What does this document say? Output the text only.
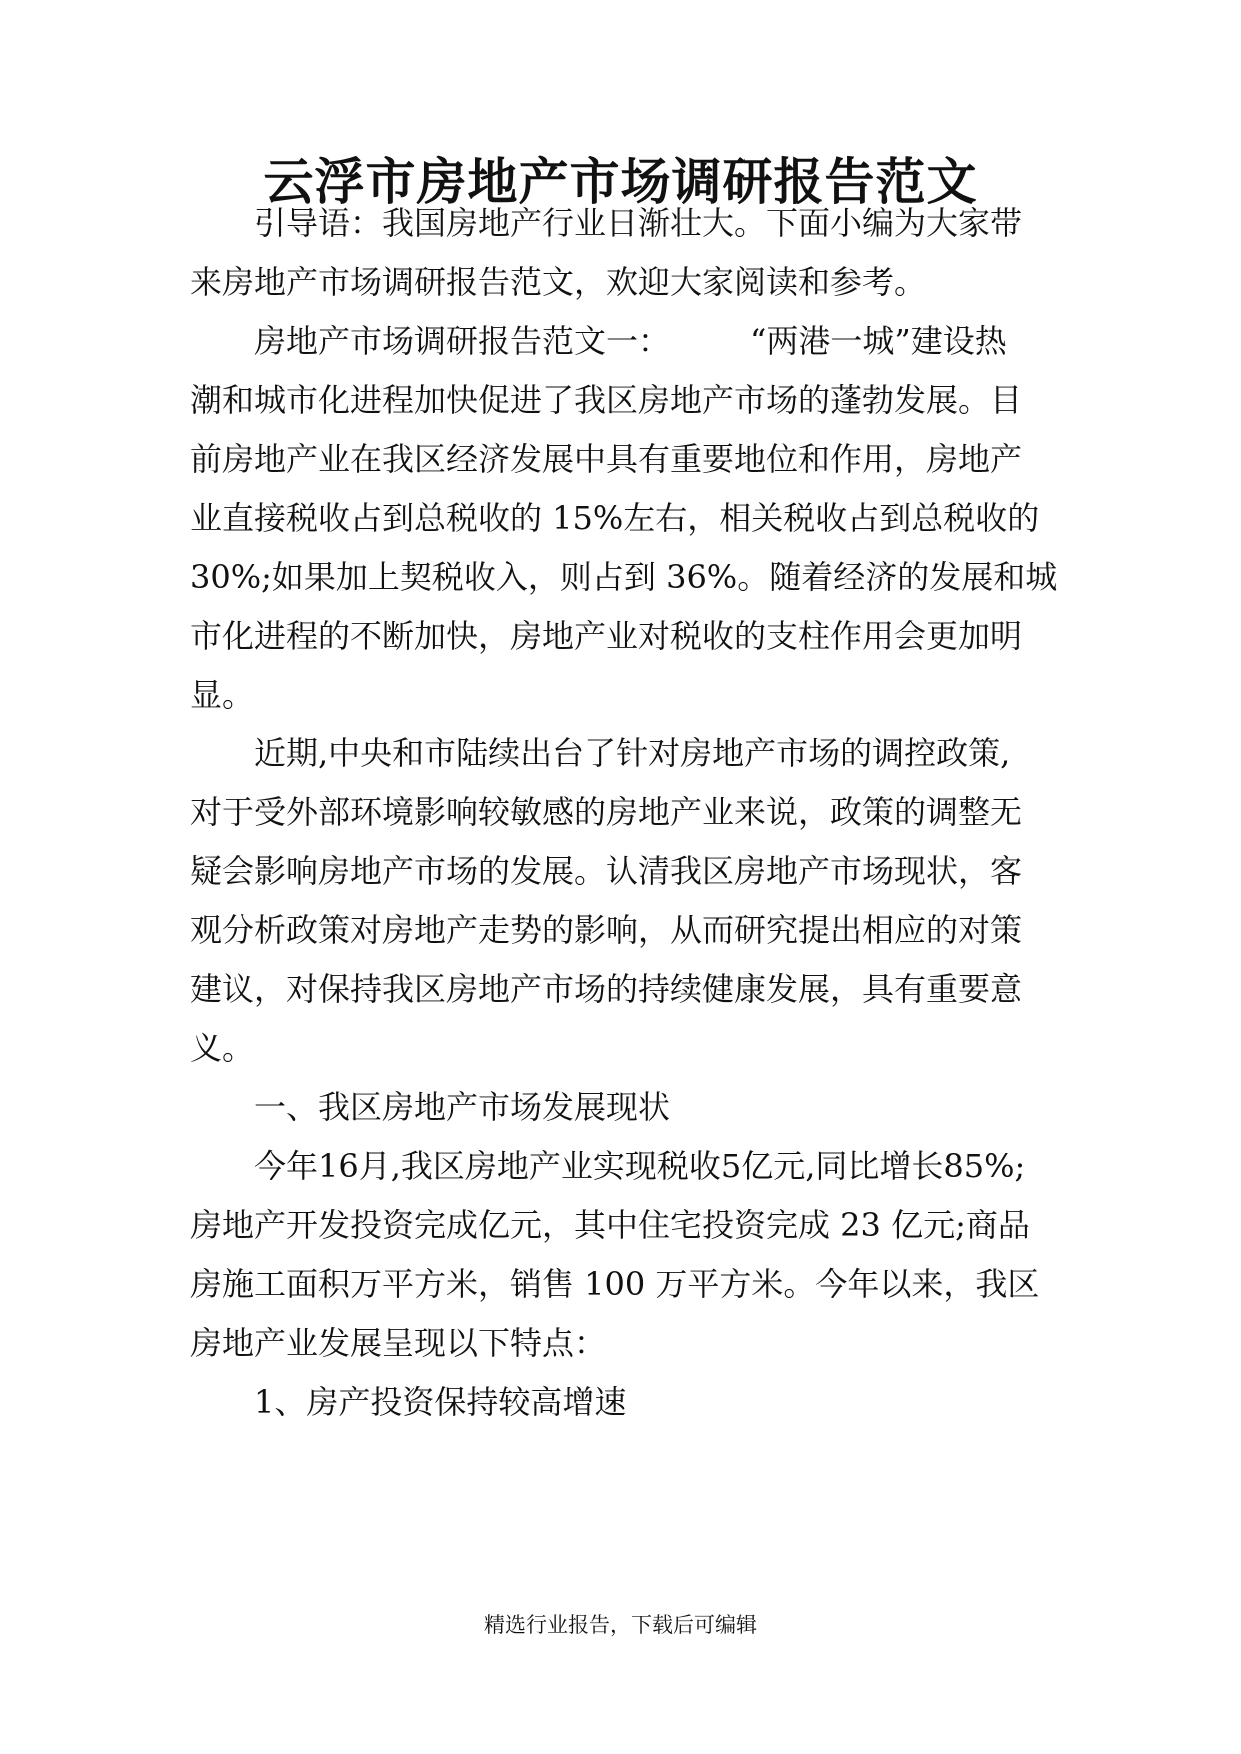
云浮市房地产市场调研报告范文

引导语：我国房地产行业日渐壮大。下面小编为大家带

来房地产市场调研报告范文，欢迎大家阅读和参考。

房地产市场调研报告范文一：　　　“两港一城”建设热

潮和城市化进程加快促进了我区房地产市场的蓬勃发展。目

前房地产业在我区经济发展中具有重要地位和作用，房地产

业直接税收占到总税收的 15%左右，相关税收占到总税收的

30%;如果加上契税收入，则占到 36%。随着经济的发展和城

市化进程的不断加快，房地产业对税收的支柱作用会更加明

显。

近期,中央和市陆续出台了针对房地产市场的调控政策,

对于受外部环境影响较敏感的房地产业来说，政策的调整无

疑会影响房地产市场的发展。认清我区房地产市场现状，客

观分析政策对房地产走势的影响，从而研究提出相应的对策

建议，对保持我区房地产市场的持续健康发展，具有重要意

义。

一、我区房地产市场发展现状

今年16月,我区房地产业实现税收5亿元,同比增长85%;

房地产开发投资完成亿元，其中住宅投资完成 23 亿元;商品

房施工面积万平方米，销售 100 万平方米。今年以来，我区

房地产业发展呈现以下特点：

1、房产投资保持较高增速

精选行业报告，下载后可编辑
